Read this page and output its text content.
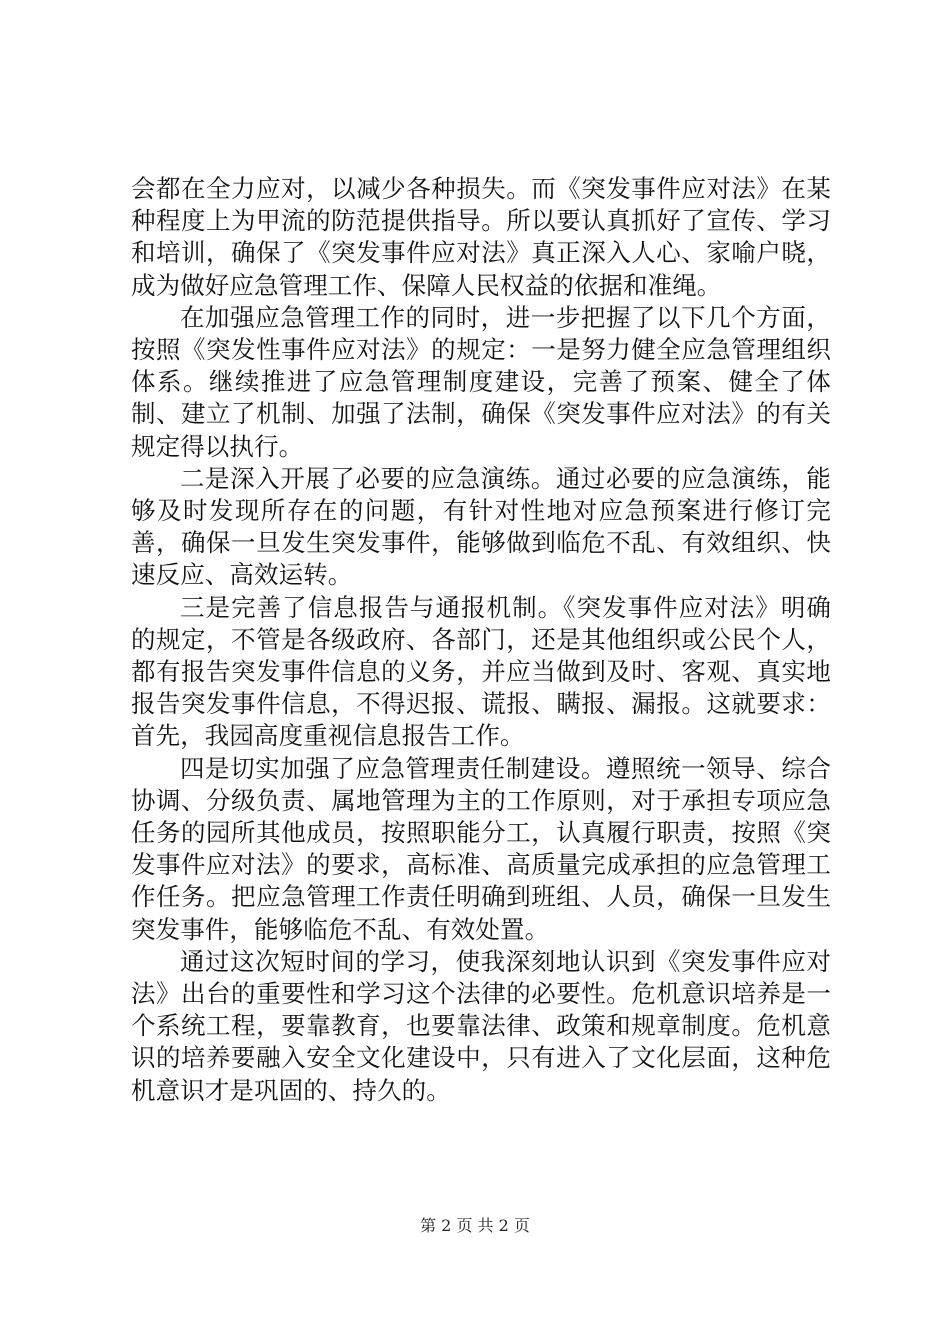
会都在全力应对，以减少各种损失。而《突发事件应对法》在某种程度上为甲流的防范提供指导。所以要认真抓好了宣传、学习和培训，确保了《突发事件应对法》真正深入人心、家喻户晓，成为做好应急管理工作、保障人民权益的依据和准绳。

在加强应急管理工作的同时，进一步把握了以下几个方面，按照《突发性事件应对法》的规定：一是努力健全应急管理组织体系。继续推进了应急管理制度建设，完善了预案、健全了体制、建立了机制、加强了法制，确保《突发事件应对法》的有关规定得以执行。

二是深入开展了必要的应急演练。通过必要的应急演练，能够及时发现所存在的问题，有针对性地对应急预案进行修订完善，确保一旦发生突发事件，能够做到临危不乱、有效组织、快速反应、高效运转。

三是完善了信息报告与通报机制。《突发事件应对法》明确的规定，不管是各级政府、各部门，还是其他组织或公民个人，都有报告突发事件信息的义务，并应当做到及时、客观、真实地报告突发事件信息，不得迟报、谎报、瞒报、漏报。这就要求：首先，我园高度重视信息报告工作。

四是切实加强了应急管理责任制建设。遵照统一领导、综合协调、分级负责、属地管理为主的工作原则，对于承担专项应急任务的园所其他成员，按照职能分工，认真履行职责，按照《突发事件应对法》的要求，高标准、高质量完成承担的应急管理工作任务。把应急管理工作责任明确到班组、人员，确保一旦发生突发事件，能够临危不乱、有效处置。

通过这次短时间的学习，使我深刻地认识到《突发事件应对法》出台的重要性和学习这个法律的必要性。危机意识培养是一个系统工程，要靠教育，也要靠法律、政策和规章制度。危机意识的培养要融入安全文化建设中，只有进入了文化层面，这种危机意识才是巩固的、持久的。

第 2 页 共 2 页
